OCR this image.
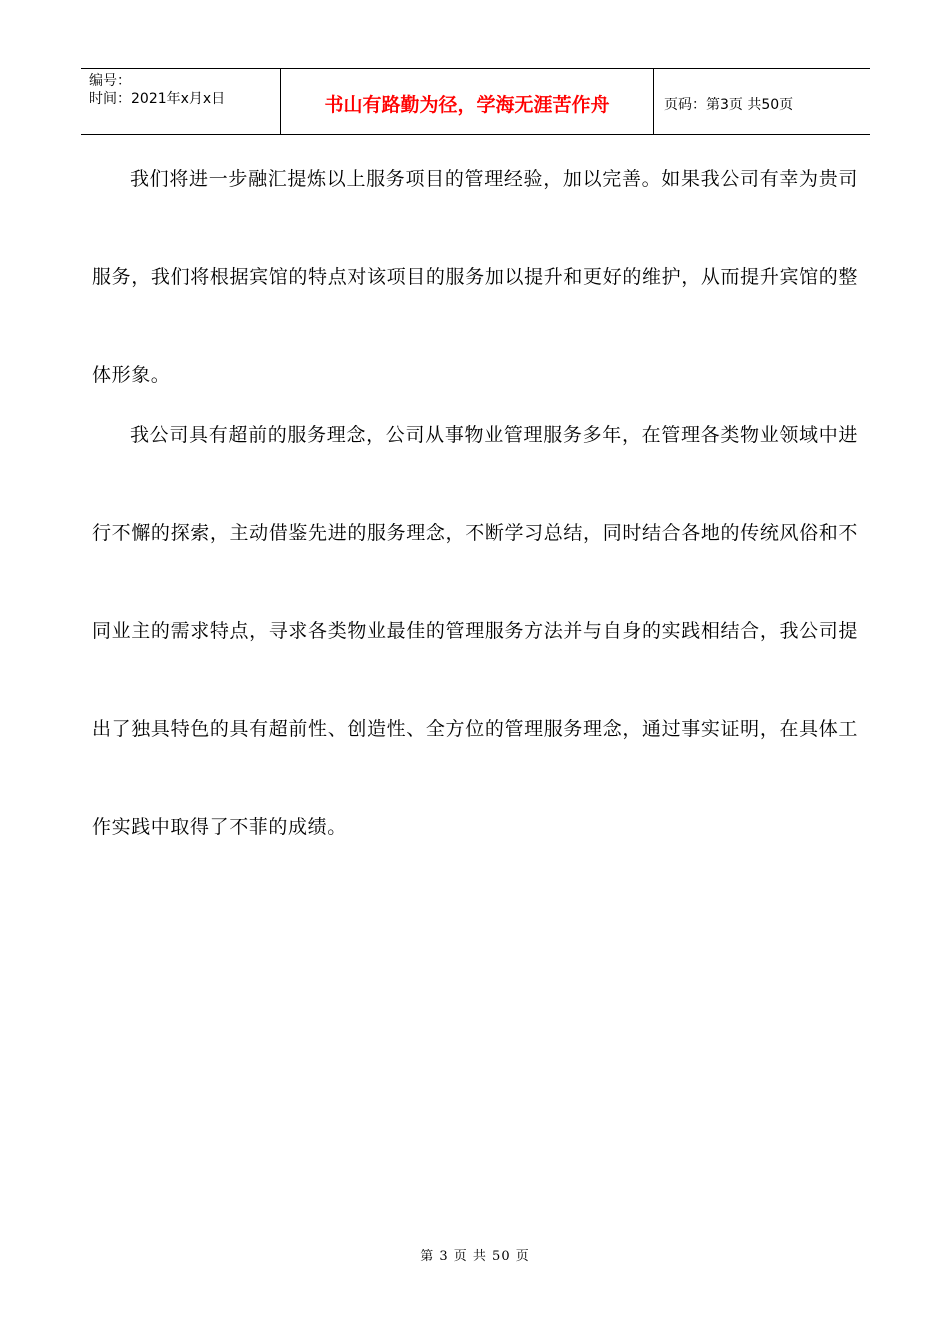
编号：
时间：2021年x月x日	书山有路勤为径，学海无涯苦作舟	页码：第3页 共50页

我们将进一步融汇提炼以上服务项目的管理经验，加以完善。如果我公司有幸为贵司服务，我们将根据宾馆的特点对该项目的服务加以提升和更好的维护，从而提升宾馆的整体形象。

我公司具有超前的服务理念，公司从事物业管理服务多年，在管理各类物业领域中进行不懈的探索，主动借鉴先进的服务理念，不断学习总结，同时结合各地的传统风俗和不同业主的需求特点，寻求各类物业最佳的管理服务方法并与自身的实践相结合，我公司提出了独具特色的具有超前性、创造性、全方位的管理服务理念，通过事实证明，在具体工作实践中取得了不菲的成绩。

第 3 页 共 50 页
